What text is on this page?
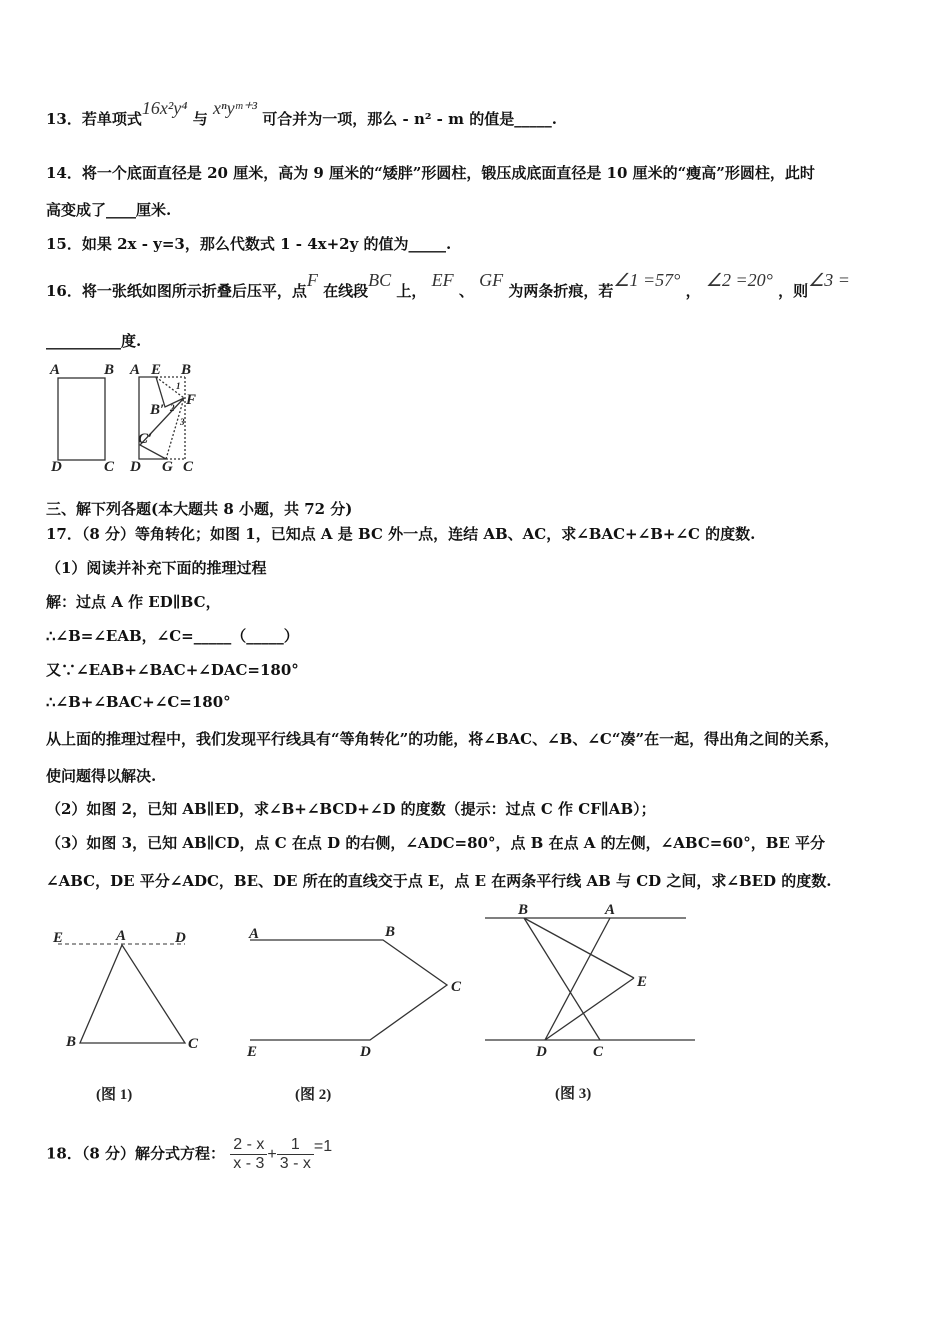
13．若单项式16x²y⁴ 与 xⁿyᵐ⁺³ 可合并为一项，那么 - n² - m 的值是_____.
14．将一个底面直径是 20 厘米，高为 9 厘米的“矮胖”形圆柱，锻压成底面直径是 10 厘米的“瘦高”形圆柱，此时
高变成了____厘米.
15．如果 2x - y=3，那么代数式 1 - 4x+2y 的值为_____.
16．将一张纸如图所示折叠后压平，点F 在线段BC 上， EF 、 GF 为两条折痕，若∠1 =57° ， ∠2 =20° ，则∠3 =
__________度.
A	B
D	C
A E B
F
B′
C′
D G C
1
2
3
E	A	D
B	C
(图 1)
A	B
C
E	D
(图 2)
B	A
E
D	C
(图 3)
三、解下列各题(本大题共 8 小题，共 72 分)
17．（8 分）等角转化；如图 1，已知点 A 是 BC 外一点，连结 AB、AC，求∠BAC+∠B+∠C 的度数.
（1）阅读并补充下面的推理过程
解：过点 A 作 ED∥BC，
∴∠B=∠EAB，∠C=_____（_____）
又∵∠EAB+∠BAC+∠DAC=180°
∴∠B+∠BAC+∠C=180°
从上面的推理过程中，我们发现平行线具有“等角转化”的功能，将∠BAC、∠B、∠C“凑”在一起，得出角之间的关系，
使问题得以解决.
（2）如图 2，已知 AB∥ED，求∠B+∠BCD+∠D 的度数（提示：过点 C 作 CF∥AB）；
（3）如图 3，已知 AB∥CD，点 C 在点 D 的右侧，∠ADC=80°，点 B 在点 A 的左侧，∠ABC=60°，BE 平分
∠ABC，DE 平分∠ADC，BE、DE 所在的直线交于点 E，点 E 在两条平行线 AB 与 CD 之间，求∠BED 的度数.
18．（8 分）解分式方程： $\frac{2 - x}{x - 3} + \frac{1}{3 - x} =1$
